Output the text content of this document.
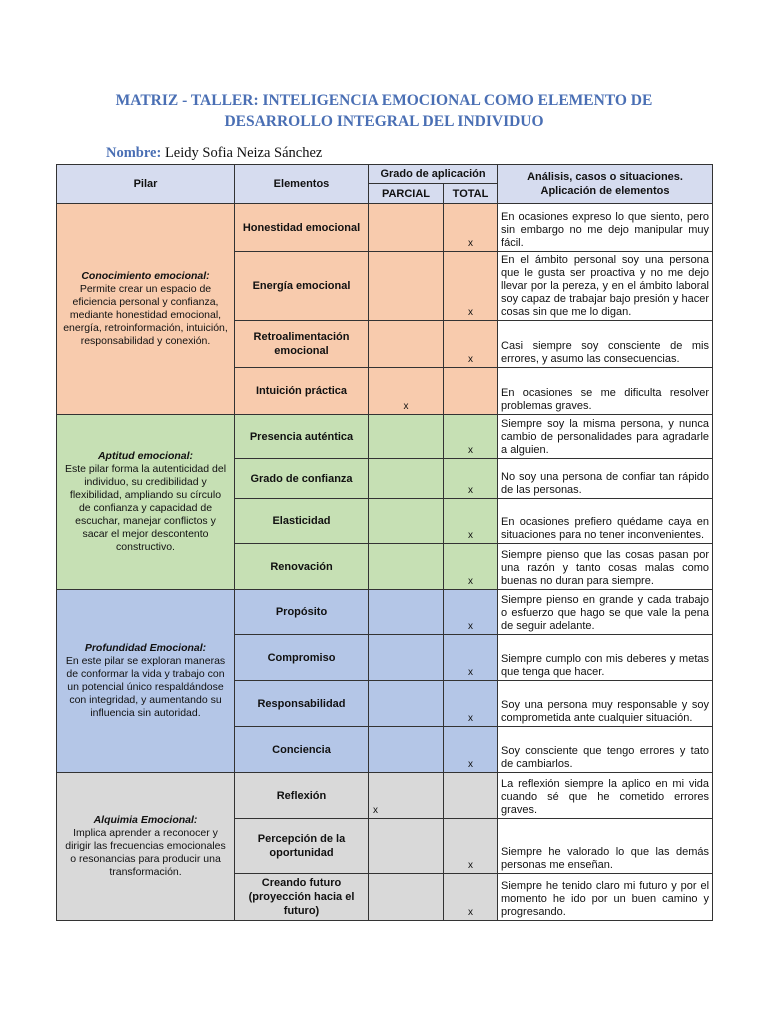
MATRIZ - TALLER: INTELIGENCIA EMOCIONAL COMO ELEMENTO DE
DESARROLLO INTEGRAL DEL INDIVIDUO
Nombre: Leidy Sofia Neiza Sánchez
Pilar	Elementos	Grado de aplicación		Análisis, casos o situaciones.
Aplicación de elementos

		PARCIAL	TOTAL	

Conocimiento emocional:
Permite crear un espacio de eficiencia personal y confianza, mediante honestidad emocional, energía, retroinformación, intuición, responsabilidad y conexión.	Honestidad emocional		x	En ocasiones expreso lo que siento, pero sin embargo no me dejo manipular muy fácil.
	Energía emocional		x	En el ámbito personal soy una persona que le gusta ser proactiva y no me dejo llevar por la pereza, y en el ámbito laboral soy capaz de trabajar bajo presión y hacer cosas sin que me lo digan.
	Retroalimentación emocional		x	Casi siempre soy consciente de mis errores, y asumo las consecuencias.
	Intuición práctica	x		En ocasiones se me dificulta resolver problemas graves.

Aptitud emocional:
Este pilar forma la autenticidad del individuo, su credibilidad y flexibilidad, ampliando su círculo de confianza y capacidad de escuchar, manejar conflictos y sacar el mejor descontento constructivo.	Presencia auténtica		x	Siempre soy la misma persona, y nunca cambio de personalidades para agradarle a alguien.
	Grado de confianza		x	No soy una persona de confiar tan rápido de las personas.
	Elasticidad		x	En ocasiones prefiero quédame caya en situaciones para no tener inconvenientes.
	Renovación		x	Siempre pienso que las cosas pasan por una razón y tanto cosas malas como buenas no duran para siempre.

Profundidad Emocional:
En este pilar se exploran maneras de conformar la vida y trabajo con un potencial único respaldándose con integridad, y aumentando su influencia sin autoridad.	Propósito		x	Siempre pienso en grande y cada trabajo o esfuerzo que hago se que vale la pena de seguir adelante.
	Compromiso		x	Siempre cumplo con mis deberes y metas que tenga que hacer.
	Responsabilidad		x	Soy una persona muy responsable y soy comprometida ante cualquier situación.
	Conciencia		x	Soy consciente que tengo errores y tato de cambiarlos.

Alquimia Emocional:
Implica aprender a reconocer y dirigir las frecuencias emocionales o resonancias para producir una transformación.	Reflexión	x		La reflexión siempre la aplico en mi vida cuando sé que he cometido errores graves.
	Percepción de la oportunidad		x	Siempre he valorado lo que las demás personas me enseñan.
	Creando futuro (proyección hacia el futuro)		x	Siempre he tenido claro mi futuro y por el momento he ido por un buen camino y progresando.
